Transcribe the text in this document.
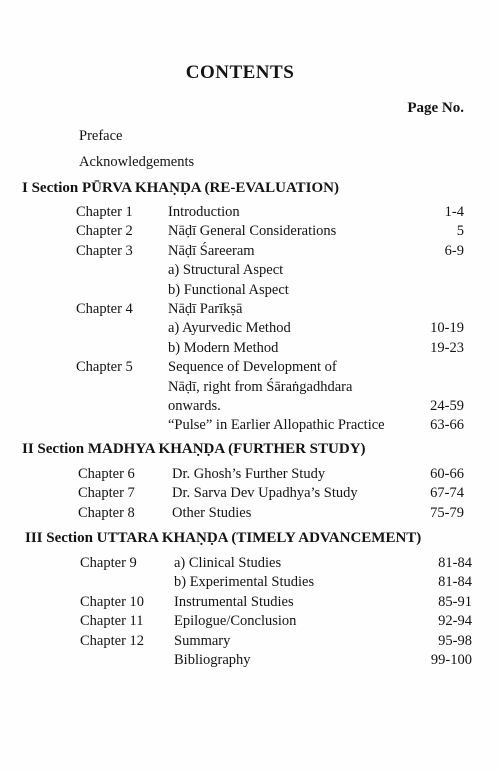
CONTENTS
Page No.
Preface
Acknowledgements
I Section PŪRVA KHAṆḌA (RE-EVALUATION)
Chapter 1 Introduction	1-4
Chapter 2 Nāḍī General Considerations	5
Chapter 3 Nāḍī Śareeram	6-9
a) Structural Aspect
b) Functional Aspect
Chapter 4 Nāḍī Parīkṣā
a) Ayurvedic Method	10-19
b) Modern Method	19-23
Chapter 5 Sequence of Development of
Nāḍī, right from Śāraṅgadhdara
onwards.	24-59
“Pulse” in Earlier Allopathic Practice	63-66
II Section MADHYA KHAṆḌA (FURTHER STUDY)
Chapter 6	Dr. Ghosh’s Further Study	60-66
Chapter 7	Dr. Sarva Dev Upadhya’s Study	67-74
Chapter 8	Other Studies	75-79
III Section UTTARA KHAṆḌA (TIMELY ADVANCEMENT)
Chapter 9	a) Clinical Studies	81-84
b) Experimental Studies	81-84
Chapter 10 Instrumental Studies	85-91
Chapter 11 Epilogue/Conclusion	92-94
Chapter 12 Summary	95-98
Bibliography	99-100
